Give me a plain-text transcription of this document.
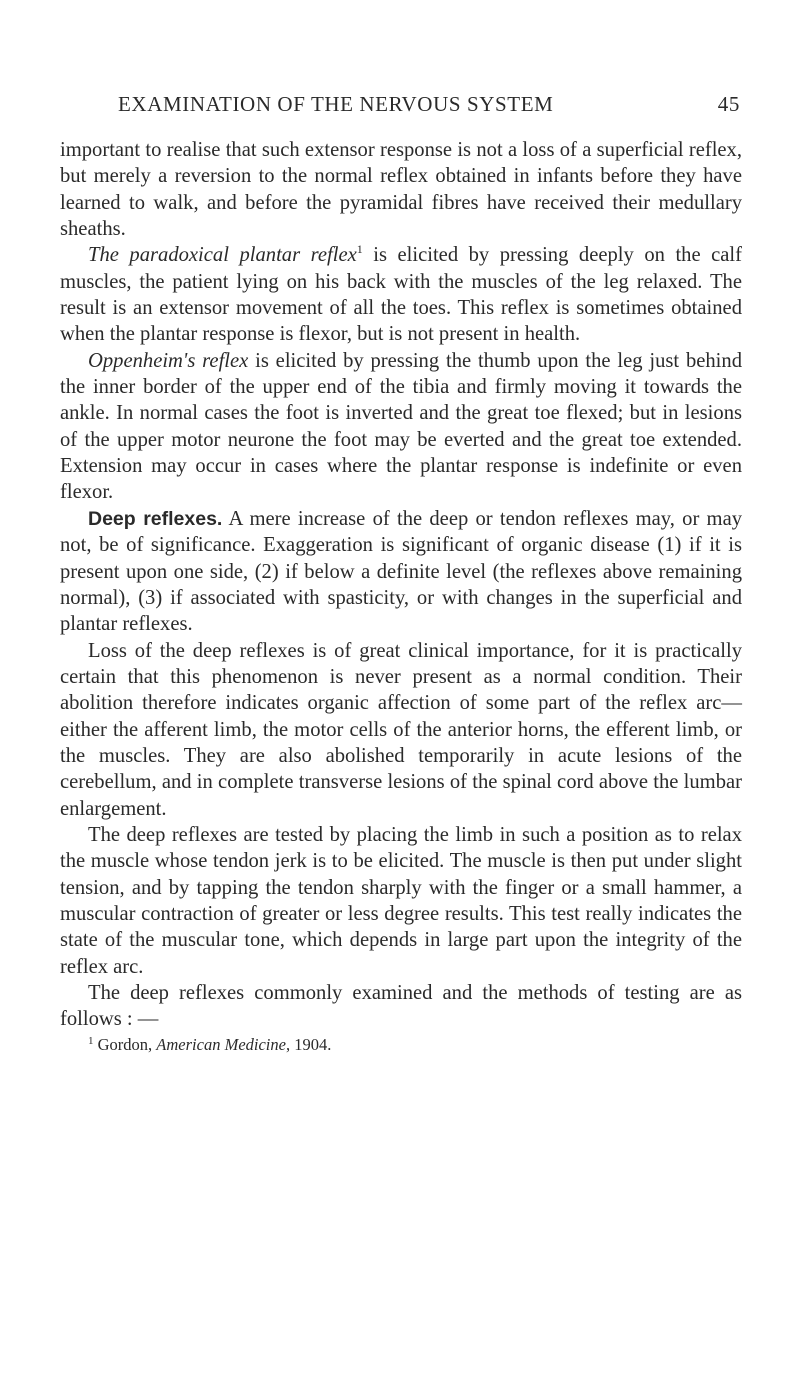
EXAMINATION OF THE NERVOUS SYSTEM	45

important to realise that such extensor response is not a loss of a superficial reflex, but merely a reversion to the normal reflex obtained in infants before they have learned to walk, and before the pyramidal fibres have received their medullary sheaths.

The paradoxical plantar reflex$^1$ is elicited by pressing deeply on the calf muscles, the patient lying on his back with the muscles of the leg relaxed. The result is an extensor movement of all the toes. This reflex is sometimes obtained when the plantar response is flexor, but is not present in health.

Oppenheim's reflex is elicited by pressing the thumb upon the leg just behind the inner border of the upper end of the tibia and firmly moving it towards the ankle. In normal cases the foot is inverted and the great toe flexed; but in lesions of the upper motor neurone the foot may be everted and the great toe extended. Extension may occur in cases where the plantar response is indefinite or even flexor.

Deep reflexes. A mere increase of the deep or tendon reflexes may, or may not, be of significance. Exaggeration is significant of organic disease (1) if it is present upon one side, (2) if below a definite level (the reflexes above remaining normal), (3) if associated with spasticity, or with changes in the superficial and plantar reflexes.

Loss of the deep reflexes is of great clinical importance, for it is practically certain that this phenomenon is never present as a normal condition. Their abolition therefore indicates organic affection of some part of the reflex arc—either the afferent limb, the motor cells of the anterior horns, the efferent limb, or the muscles. They are also abolished temporarily in acute lesions of the cerebellum, and in complete transverse lesions of the spinal cord above the lumbar enlargement.

The deep reflexes are tested by placing the limb in such a position as to relax the muscle whose tendon jerk is to be elicited. The muscle is then put under slight tension, and by tapping the tendon sharply with the finger or a small hammer, a muscular contraction of greater or less degree results. This test really indicates the state of the muscular tone, which depends in large part upon the integrity of the reflex arc.

The deep reflexes commonly examined and the methods of testing are as follows : —

$^1$ Gordon, American Medicine, 1904.
